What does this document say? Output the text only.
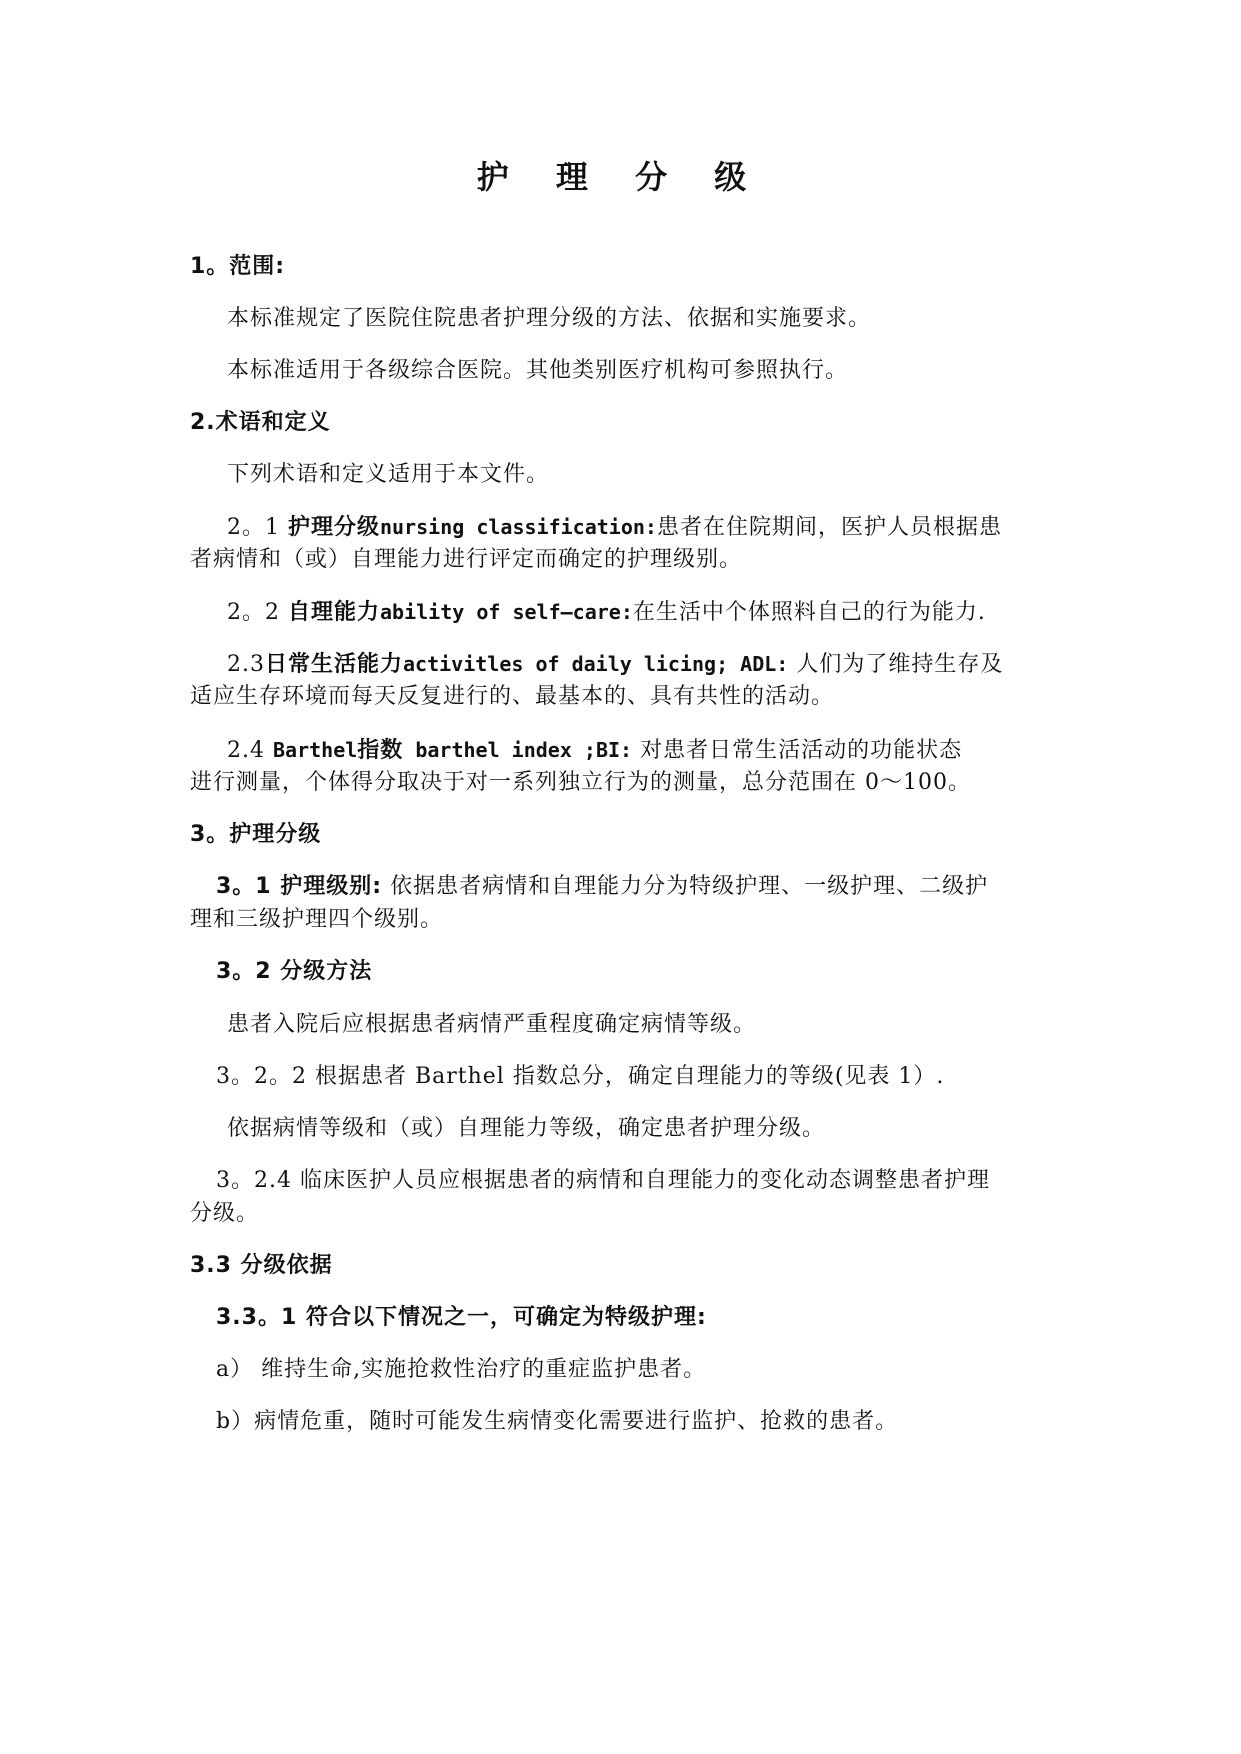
护 理 分 级
1。范围:
本标准规定了医院住院患者护理分级的方法、依据和实施要求。
本标准适用于各级综合医院。其他类别医疗机构可参照执行。
2.术语和定义
下列术语和定义适用于本文件。
2。1 护理分级nursing classification:患者在住院期间，医护人员根据患
者病情和（或）自理能力进行评定而确定的护理级别。
2。2 自理能力ability of self—care:在生活中个体照料自己的行为能力.
2.3日常生活能力activitles of daily licing; ADL: 人们为了维持生存及
适应生存环境而每天反复进行的、最基本的、具有共性的活动。
2.4 Barthel指数 barthel index ;BI: 对患者日常生活活动的功能状态
进行测量，个体得分取决于对一系列独立行为的测量，总分范围在 0～100。
3。护理分级
3。1 护理级别: 依据患者病情和自理能力分为特级护理、一级护理、二级护
理和三级护理四个级别。
3。2 分级方法
患者入院后应根据患者病情严重程度确定病情等级。
3。2。2 根据患者 Barthel 指数总分，确定自理能力的等级(见表 1）.
依据病情等级和（或）自理能力等级，确定患者护理分级。
3。2.4 临床医护人员应根据患者的病情和自理能力的变化动态调整患者护理
分级。
3.3 分级依据
3.3。1 符合以下情况之一，可确定为特级护理:
a） 维持生命,实施抢救性治疗的重症监护患者。
b）病情危重，随时可能发生病情变化需要进行监护、抢救的患者。
